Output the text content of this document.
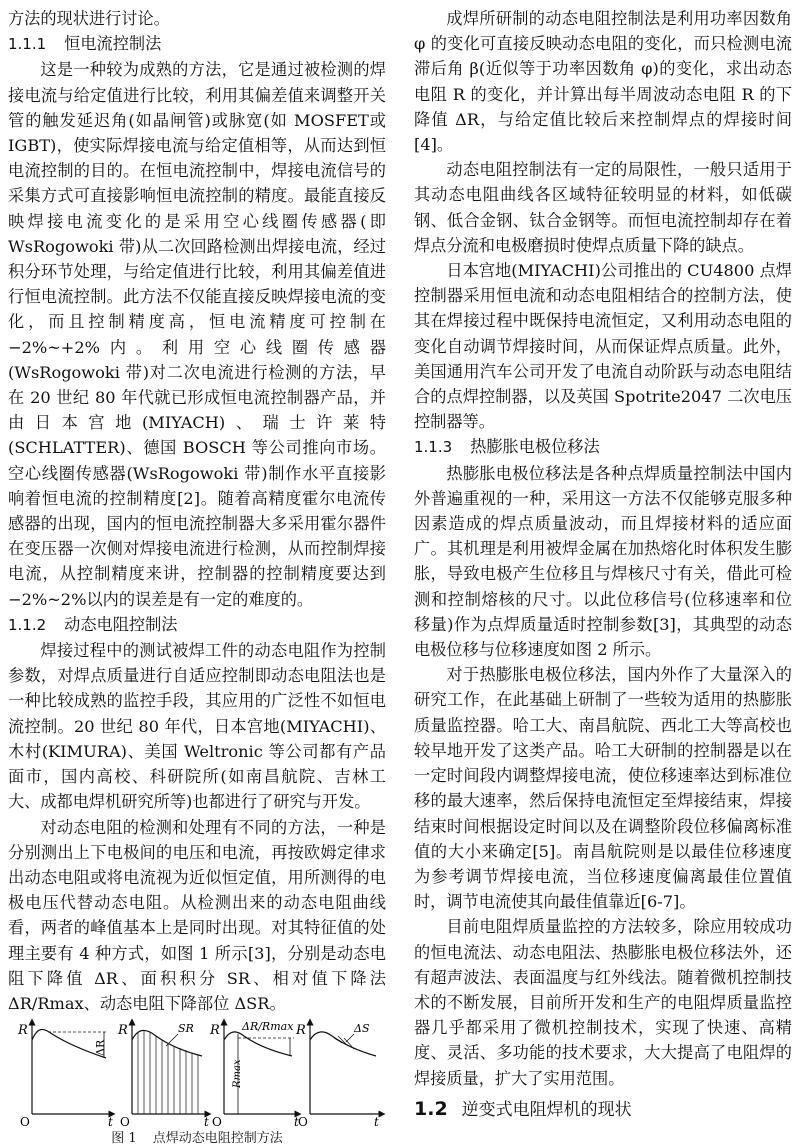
方法的现状进行讨论。

1.1.1 恒电流控制法

这是一种较为成熟的方法，它是通过被检测的焊接电流与给定值进行比较，利用其偏差值来调整开关管的触发延迟角(如晶闸管)或脉宽(如 MOSFET或 IGBT)，使实际焊接电流与给定值相等，从而达到恒电流控制的目的。在恒电流控制中，焊接电流信号的采集方式可直接影响恒电流控制的精度。最能直接反映焊接电流变化的是采用空心线圈传感器(即 WsRogowoki 带)从二次回路检测出焊接电流，经过积分环节处理，与给定值进行比较，利用其偏差值进行恒电流控制。此方法不仅能直接反映焊接电流的变化，而且控制精度高，恒电流精度可控制在−2%~+2%内。利用空心线圈传感器(WsRogowoki 带)对二次电流进行检测的方法，早在 20 世纪 80 年代就已形成恒电流控制器产品，并由日本宫地(MIYACH)、瑞士许莱特(SCHLATTER)、德国 BOSCH 等公司推向市场。空心线圈传感器(WsRogowoki 带)制作水平直接影响着恒电流的控制精度[2]。随着高精度霍尔电流传感器的出现，国内的恒电流控制器大多采用霍尔器件在变压器一次侧对焊接电流进行检测，从而控制焊接电流，从控制精度来讲，控制器的控制精度要达到−2%~2%以内的误差是有一定的难度的。

1.1.2 动态电阻控制法

焊接过程中的测试被焊工件的动态电阻作为控制参数，对焊点质量进行自适应控制即动态电阻法也是一种比较成熟的监控手段，其应用的广泛性不如恒电流控制。20 世纪 80 年代，日本宫地(MIYACHI)、木村(KIMURA)、美国 Weltronic 等公司都有产品面市，国内高校、科研院所(如南昌航院、吉林工大、成都电焊机研究所等)也都进行了研究与开发。

对动态电阻的检测和处理有不同的方法，一种是分别测出上下电极间的电压和电流，再按欧姆定律求出动态电阻或将电流视为近似恒定值，用所测得的电极电压代替动态电阻。从检测出来的动态电阻曲线看，两者的峰值基本上是同时出现。对其特征值的处理主要有 4 种方式，如图 1 所示[3]，分别是动态电阻下降值 ΔR、面积积分 SR、相对值下降法 ΔR/Rmax、动态电阻下降部位 ΔSR。

R
t
O
ΔR
R
t
O
SR R
t
O
ΔR/Rmax
Rmax
R
t
O
ΔS
图 1 点焊动态电阻控制方法

成焊所研制的动态电阻控制法是利用功率因数角 φ 的变化可直接反映动态电阻的变化，而只检测电流滞后角 β(近似等于功率因数角 φ)的变化，求出动态电阻 R 的变化，并计算出每半周波动态电阻 R 的下降值 ΔR，与给定值比较后来控制焊点的焊接时间[4]。

动态电阻控制法有一定的局限性，一般只适用于其动态电阻曲线各区域特征较明显的材料，如低碳钢、低合金钢、钛合金钢等。而恒电流控制却存在着焊点分流和电极磨损时使焊点质量下降的缺点。

日本宫地(MIYACHI)公司推出的 CU4800 点焊控制器采用恒电流和动态电阻相结合的控制方法，使其在焊接过程中既保持电流恒定，又利用动态电阻的变化自动调节焊接时间，从而保证焊点质量。此外，美国通用汽车公司开发了电流自动阶跃与动态电阻结合的点焊控制器，以及英国 Spotrite2047 二次电压控制器等。

1.1.3 热膨胀电极位移法

热膨胀电极位移法是各种点焊质量控制法中国内外普遍重视的一种，采用这一方法不仅能够克服多种因素造成的焊点质量波动，而且焊接材料的适应面广。其机理是利用被焊金属在加热熔化时体积发生膨胀，导致电极产生位移且与焊核尺寸有关，借此可检测和控制熔核的尺寸。以此位移信号(位移速率和位移量)作为点焊质量适时控制参数[3]，其典型的动态电极位移与位移速度如图 2 所示。

对于热膨胀电极位移法，国内外作了大量深入的研究工作，在此基础上研制了一些较为适用的热膨胀质量监控器。哈工大、南昌航院、西北工大等高校也较早地开发了这类产品。哈工大研制的控制器是以在一定时间段内调整焊接电流，使位移速率达到标准位移的最大速率，然后保持电流恒定至焊接结束，焊接结束时间根据设定时间以及在调整阶段位移偏离标准值的大小来确定[5]。南昌航院则是以最佳位移速度为参考调节焊接电流，当位移速度偏离最佳位置值时，调节电流使其向最佳值靠近[6-7]。

目前电阻焊质量监控的方法较多，除应用较成功的恒电流法、动态电阻法、热膨胀电极位移法外，还有超声波法、表面温度与红外线法。随着微机控制技术的不断发展，目前所开发和生产的电阻焊质量监控器几乎都采用了微机控制技术，实现了快速、高精度、灵活、多功能的技术要求，大大提高了电阻焊的焊接质量，扩大了实用范围。

1.2 逆变式电阻焊机的现状
